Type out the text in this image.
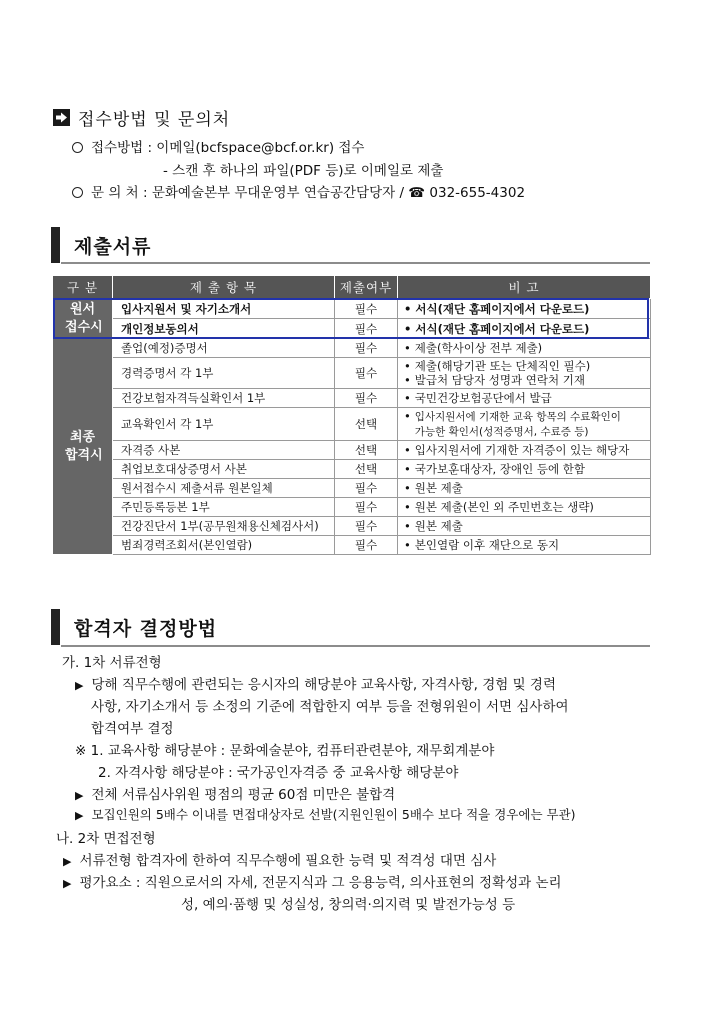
접수방법 및 문의처
접수방법 : 이메일(bcfspace@bcf.or.kr) 접수
- 스캔 후 하나의 파일(PDF 등)로 이메일로 제출
문 의 처 : 문화예술본부 무대운영부 연습공간담당자 / ☎ 032-655-4302
제출서류
구 분	제 출 항 목	제출여부	비 고
원서 접수시	입사지원서 및 자기소개서	필수	• 서식(재단 홈페이지에서 다운로드)

	개인정보동의서	필수	• 서식(재단 홈페이지에서 다운로드)

최종 합격시	졸업(예정)증명서	필수	• 제출(학사이상 전부 제출)

	경력증명서 각 1부	필수	• 제출(해당기관 또는 단체직인 필수)
• 발급처 담당자 성명과 연락처 기재

	건강보험자격득실확인서 1부	필수	• 국민건강보험공단에서 발급

	교육확인서 각 1부	선택	• 입사지원서에 기재한 교육 항목의 수료확인이
가능한 확인서(성적증명서, 수료증 등)

	자격증 사본	선택	• 입사지원서에 기재한 자격증이 있는 해당자

	취업보호대상증명서 사본	선택	• 국가보훈대상자, 장애인 등에 한함

	원서접수시 제출서류 원본일체	필수	• 원본 제출

	주민등록등본 1부	필수	• 원본 제출(본인 외 주민번호는 생략)

	건강진단서 1부(공무원채용신체검사서)	필수	• 원본 제출

	범죄경력조회서(본인열람)	필수	• 본인열람 이후 재단으로 동지
합격자 결정방법
가. 1차 서류전형
▶ 당해 직무수행에 관련되는 응시자의 해당분야 교육사항, 자격사항, 경험 및 경력
사항, 자기소개서 등 소정의 기준에 적합한지 여부 등을 전형위원이 서면 심사하여
합격여부 결정
※ 1. 교육사항 해당분야 : 문화예술분야, 컴퓨터관련분야, 재무회계분야
2. 자격사항 해당분야 : 국가공인자격증 중 교육사항 해당분야
▶ 전체 서류심사위원 평점의 평균 60점 미만은 불합격
▶ 모집인원의 5배수 이내를 면접대상자로 선발(지원인원이 5배수 보다 적을 경우에는 무관)
나. 2차 면접전형
▶ 서류전형 합격자에 한하여 직무수행에 필요한 능력 및 적격성 대면 심사
▶ 평가요소 : 직원으로서의 자세, 전문지식과 그 응용능력, 의사표현의 정확성과 논리
성, 예의·품행 및 성실성, 창의력·의지력 및 발전가능성 등
